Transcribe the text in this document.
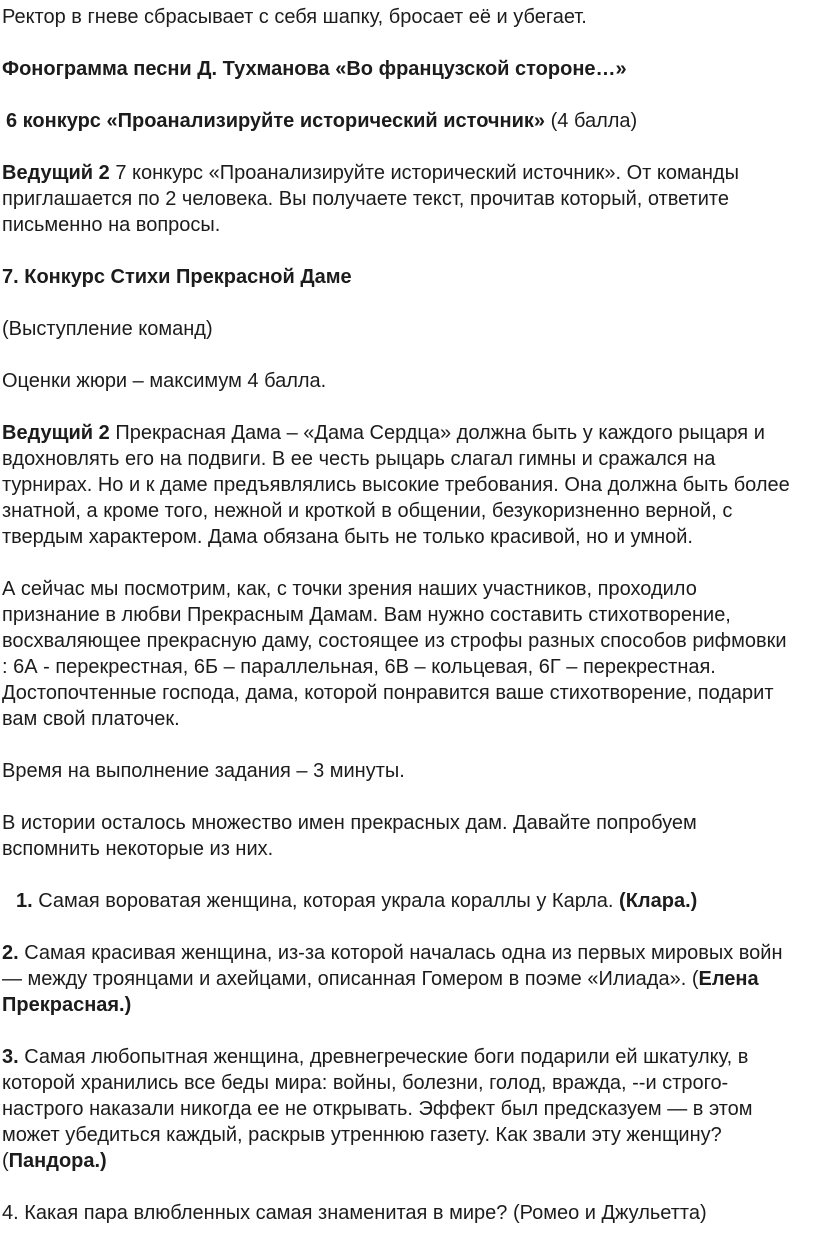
Ректор в гневе сбрасывает с себя шапку, бросает её и убегает.

Фонограмма песни Д. Тухманова «Во французской стороне…»

6 конкурс «Проанализируйте исторический источник» (4 балла)

Ведущий 2 7 конкурс «Проанализируйте исторический источник». От команды приглашается по 2 человека. Вы получаете текст, прочитав который, ответите письменно на вопросы.

7. Конкурс Стихи Прекрасной Даме

(Выступление команд)

Оценки жюри – максимум 4 балла.

Ведущий 2 Прекрасная Дама – «Дама Сердца» должна быть у каждого рыцаря и вдохновлять его на подвиги. В ее честь рыцарь слагал гимны и сражался на турнирах. Но и к даме предъявлялись высокие требования. Она должна быть более знатной, а кроме того, нежной и кроткой в общении, безукоризненно верной, с твердым характером. Дама обязана быть не только красивой, но и умной.

А сейчас мы посмотрим, как, с точки зрения наших участников, проходило признание в любви Прекрасным Дамам. Вам нужно составить стихотворение, восхваляющее прекрасную даму, состоящее из строфы разных способов рифмовки : 6А - перекрестная, 6Б – параллельная, 6В – кольцевая, 6Г – перекрестная. Достопочтенные господа, дама, которой понравится ваше стихотворение, подарит вам свой платочек.

Время на выполнение задания – 3 минуты.

В истории осталось множество имен прекрасных дам. Давайте попробуем вспомнить некоторые из них.

1. Самая вороватая женщина, которая украла кораллы у Карла. (Клара.)

2. Самая красивая женщина, из-за которой началась одна из первых мировых войн — между троянцами и ахейцами, описанная Гомером в поэме «Илиада». (Елена Прекрасная.)

3. Самая любопытная женщина, древнегреческие боги подарили ей шкатулку, в которой хранились все беды мира: войны, болезни, голод, вражда, --и строго-настрого наказали никогда ее не открывать. Эффект был предсказуем — в этом может убедиться каждый, раскрыв утреннюю газету. Как звали эту женщину? (Пандора.)

4. Какая пара влюбленных самая знаменитая в мире? (Ромео и Джульетта)
